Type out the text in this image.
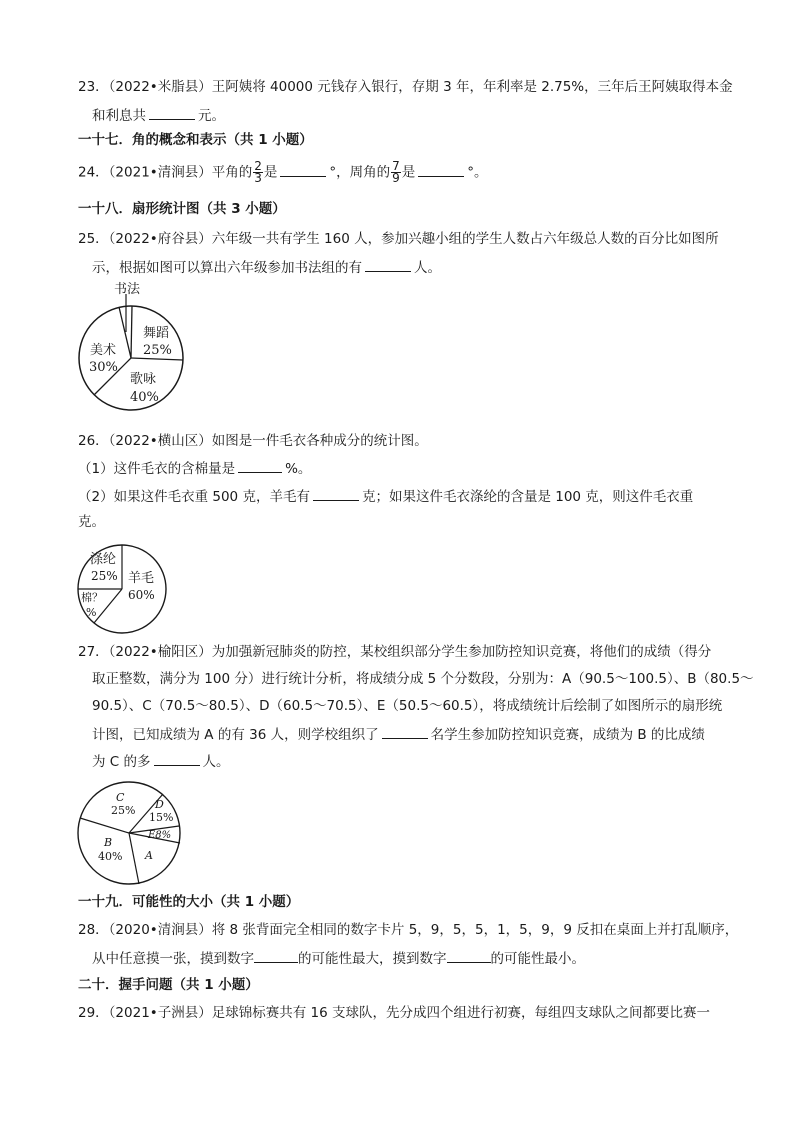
23．（2022•米脂县）王阿姨将 40000 元钱存入银行，存期 3 年，年利率是 2.75%，三年后王阿姨取得本金
和利息共	元。
一十七．角的概念和表示（共 1 小题）
24．（2021•清涧县）平角的 $\frac{2}{3}$ 是	°，周角的 $\frac{7}{9}$ 是	°。
一十八．扇形统计图（共 3 小题）
25．（2022•府谷县）六年级一共有学生 160 人，参加兴趣小组的学生人数占六年级总人数的百分比如图所
示，根据如图可以算出六年级参加书法组的有	人。
书法
舞蹈
25%
美术
30%
歌咏
40%
26．（2022•横山区）如图是一件毛衣各种成分的统计图。
（1）这件毛衣的含棉量是	%。
（2）如果这件毛衣重 500 克，羊毛有	克；如果这件毛衣涤纶的含量是 100 克，则这件毛衣重
克。
涤纶
25% 羊毛
60%
棉？
%
27．（2022•榆阳区）为加强新冠肺炎的防控，某校组织部分学生参加防控知识竞赛，将他们的成绩（得分
取正整数，满分为 100 分）进行统计分析，将成绩分成 5 个分数段，分别为：A（90.5～100.5）、B（80.5～
90.5）、C（70.5～80.5）、D（60.5～70.5）、E（50.5～60.5），将成绩统计后绘制了如图所示的扇形统
计图，已知成绩为 A 的有 36 人，则学校组织了	名学生参加防控知识竞赛，成绩为 B 的比成绩
为 C 的多	人。
C
25% D
15%
E8%
B
40% A
一十九．可能性的大小（共 1 小题）
28．（2020•清涧县）将 8 张背面完全相同的数字卡片 5，9，5，5，1，5，9，9 反扣在桌面上并打乱顺序，
从中任意摸一张，摸到数字	的可能性最大，摸到数字	的可能性最小。
二十．握手问题（共 1 小题）
29．（2021•子洲县）足球锦标赛共有 16 支球队，先分成四个组进行初赛，每组四支球队之间都要比赛一
